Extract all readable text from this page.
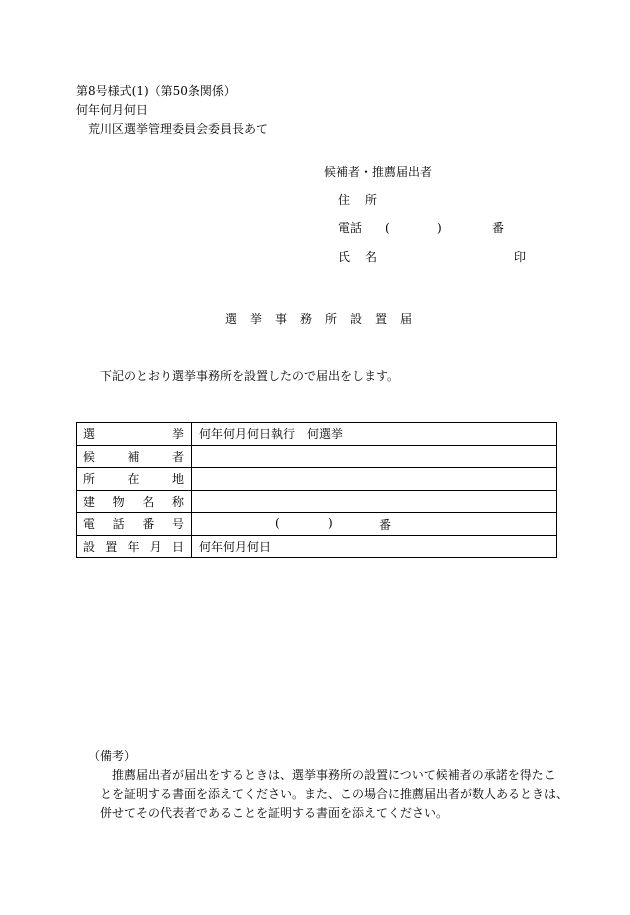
第8号様式(1)（第50条関係）
何年何月何日
荒川区選挙管理委員会委員長あて
候補者・推薦届出者
住所
電話 (	)	番
氏名	印
選挙事務所設置届
下記のとおり選挙事務所を設置したので届出をします。
選 挙	何年何月何日執行　何選挙

候 補 者	

所 在 地	

建 物 名 称	

電 話 番 号	( ) 番

設 置 年 月 日	何年何月何日
（備考）
推薦届出者が届出をするときは、選挙事務所の設置について候補者の承諾を得たこ
とを証明する書面を添えてください。また、この場合に推薦届出者が数人あるときは、
併せてその代表者であることを証明する書面を添えてください。
